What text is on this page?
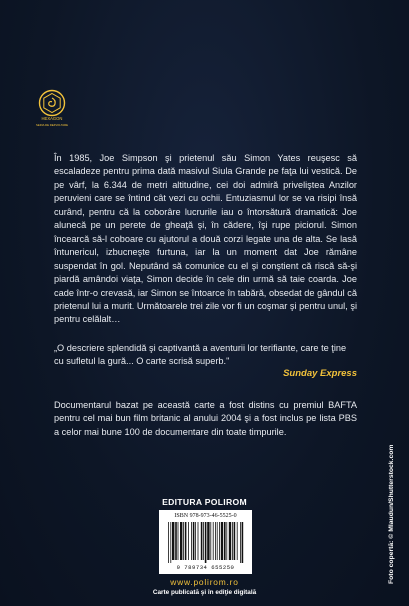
HEXAGON
SERIA DE DEZVOLTARE

În 1985, Joe Simpson şi prietenul său Simon Yates reuşesc să escaladeze pentru prima dată masivul Siula Grande pe faţa lui vestică. De pe vârf, la 6.344 de metri altitudine, cei doi admiră priveliştea Anzilor peruvieni care se întind cât vezi cu ochii. Entuziasmul lor se va risipi însă curând, pentru că la coborâre lucrurile iau o întorsătură dramatică: Joe alunecă pe un perete de gheaţă şi, în cădere, îşi rupe piciorul. Simon încearcă să-l coboare cu ajutorul a două corzi legate una de alta. Se lasă întunericul, izbucneşte furtuna, iar la un moment dat Joe rămâne suspendat în gol. Neputând să comunice cu el şi conştient că riscă să-şi piardă amândoi viaţa, Simon decide în cele din urmă să taie coarda. Joe cade într-o crevasă, iar Simon se întoarce în tabără, obsedat de gândul că prietenul lui a murit. Următoarele trei zile vor fi un coşmar şi pentru unul, şi pentru celălalt…

„O descriere splendidă şi captivantă a aventurii lor terifiante, care te ţine cu sufletul la gură... O carte scrisă superb."

Sunday Express

Documentarul bazat pe această carte a fost distins cu premiul BAFTA pentru cel mai bun film britanic al anului 2004 şi a fost inclus pe lista PBS a celor mai bune 100 de documentare din toate timpurile.

EDITURA POLIROM
ISBN 978-973-46-5525-0
9 789734 655250
www.polirom.ro
Carte publicată şi în ediţie digitală
Foto copertă: © Mlaudun/Shutterstock.com
